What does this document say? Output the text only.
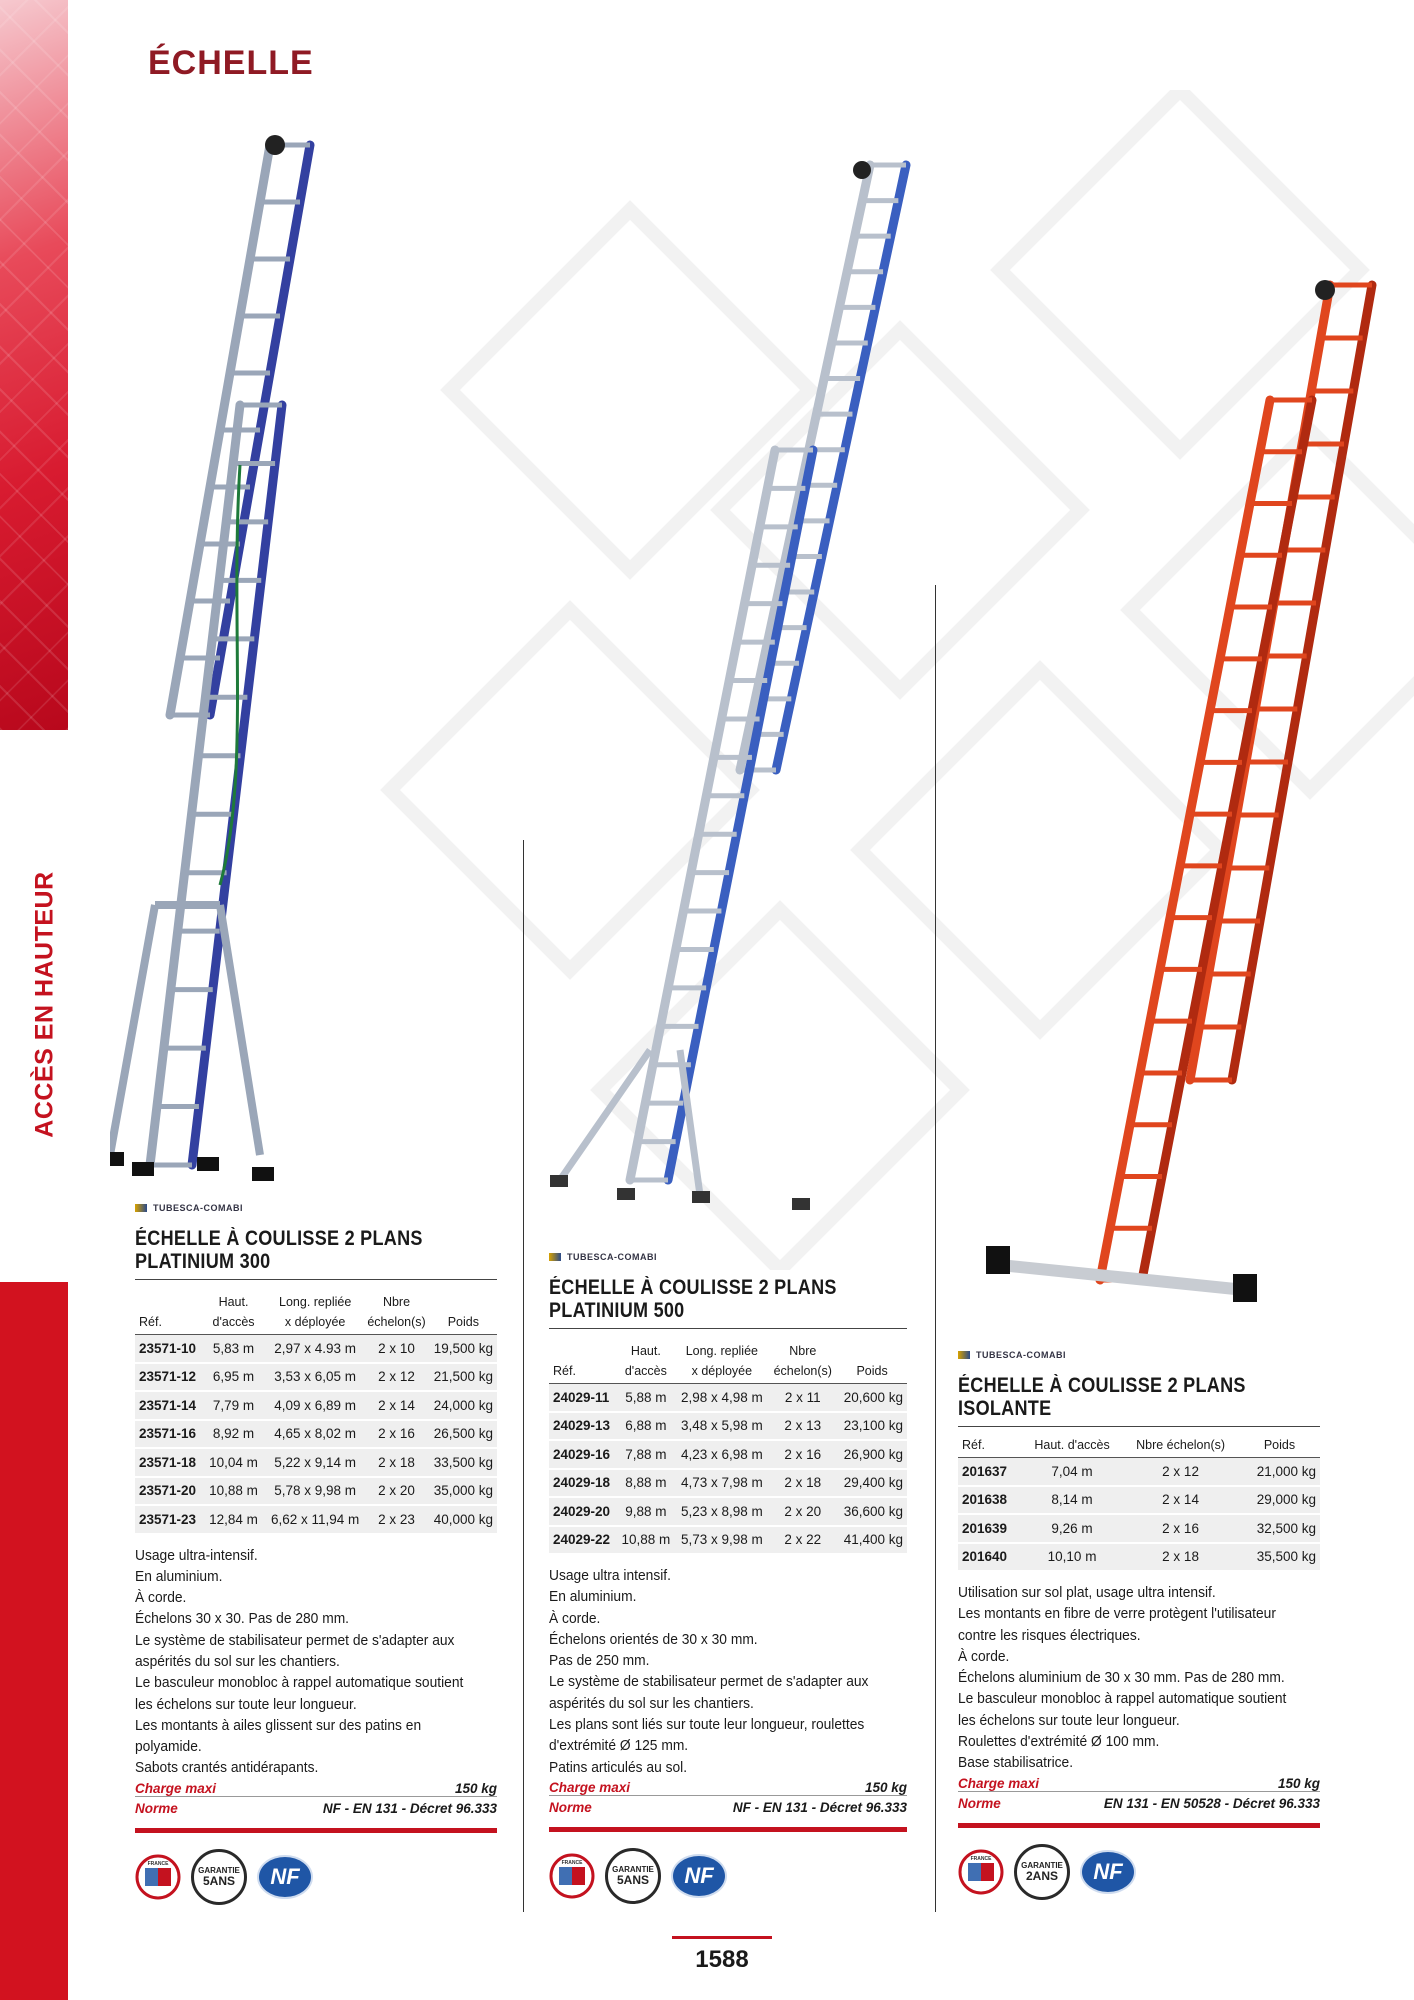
ACCÈS EN HAUTEUR
ÉCHELLE
TUBESCA-COMABI
ÉCHELLE À COULISSE 2 PLANS
PLATINIUM 300
Réf.	Haut. d'accès	Long. repliée
x déployée	Nbre
échelon(s)	Poids
23571-10	5,83 m	2,97 x 4.93 m	2 x 10	19,500 kg
23571-12	6,95 m	3,53 x 6,05 m	2 x 12	21,500 kg
23571-14	7,79 m	4,09 x 6,89 m	2 x 14	24,000 kg
23571-16	8,92 m	4,65 x 8,02 m	2 x 16	26,500 kg
23571-18	10,04 m	5,22 x 9,14 m	2 x 18	33,500 kg
23571-20	10,88 m	5,78 x 9,98 m	2 x 20	35,000 kg
23571-23	12,84 m	6,62 x 11,94 m	2 x 23	40,000 kg
Usage ultra-intensif.
En aluminium.
À corde.
Échelons 30 x 30. Pas de 280 mm.
Le système de stabilisateur permet de s'adapter aux
aspérités du sol sur les chantiers.
Le basculeur monobloc à rappel automatique soutient
les échelons sur toute leur longueur.
Les montants à ailes glissent sur des patins en
polyamide.
Sabots crantés antidérapants.
Charge maxi	150 kg
Norme	NF - EN 131 - Décret 96.333
FRANCE
GARANTIE
5ANS NF
TUBESCA-COMABI
ÉCHELLE À COULISSE 2 PLANS
PLATINIUM 500
Réf.	Haut.
d'accès	Long. repliée
x déployée	Nbre
échelon(s)	Poids
24029-11	5,88 m	2,98 x 4,98 m	2 x 11	20,600 kg
24029-13	6,88 m	3,48 x 5,98 m	2 x 13	23,100 kg
24029-16	7,88 m	4,23 x 6,98 m	2 x 16	26,900 kg
24029-18	8,88 m	4,73 x 7,98 m	2 x 18	29,400 kg
24029-20	9,88 m	5,23 x 8,98 m	2 x 20	36,600 kg
24029-22	10,88 m	5,73 x 9,98 m	2 x 22	41,400 kg
Usage ultra intensif.
En aluminium.
À corde.
Échelons orientés de 30 x 30 mm.
Pas de 250 mm.
Le système de stabilisateur permet de s'adapter aux
aspérités du sol sur les chantiers.
Les plans sont liés sur toute leur longueur, roulettes
d'extrémité Ø 125 mm.
Patins articulés au sol.
Charge maxi	150 kg
Norme	NF - EN 131 - Décret 96.333
FRANCE
GARANTIE
5ANS NF
TUBESCA-COMABI
ÉCHELLE À COULISSE 2 PLANS
ISOLANTE
Réf.	Haut. d'accès	Nbre échelon(s)	Poids
201637	7,04 m	2 x 12	21,000 kg
201638	8,14 m	2 x 14	29,000 kg
201639	9,26 m	2 x 16	32,500 kg
201640	10,10 m	2 x 18	35,500 kg
Utilisation sur sol plat, usage ultra intensif.
Les montants en fibre de verre protègent l'utilisateur
contre les risques électriques.
À corde.
Échelons aluminium de 30 x 30 mm. Pas de 280 mm.
Le basculeur monobloc à rappel automatique soutient
les échelons sur toute leur longueur.
Roulettes d'extrémité Ø 100 mm.
Base stabilisatrice.
Charge maxi	150 kg
Norme	EN 131 - EN 50528 - Décret 96.333
FRANCE
GARANTIE
2ANS NF
1588
